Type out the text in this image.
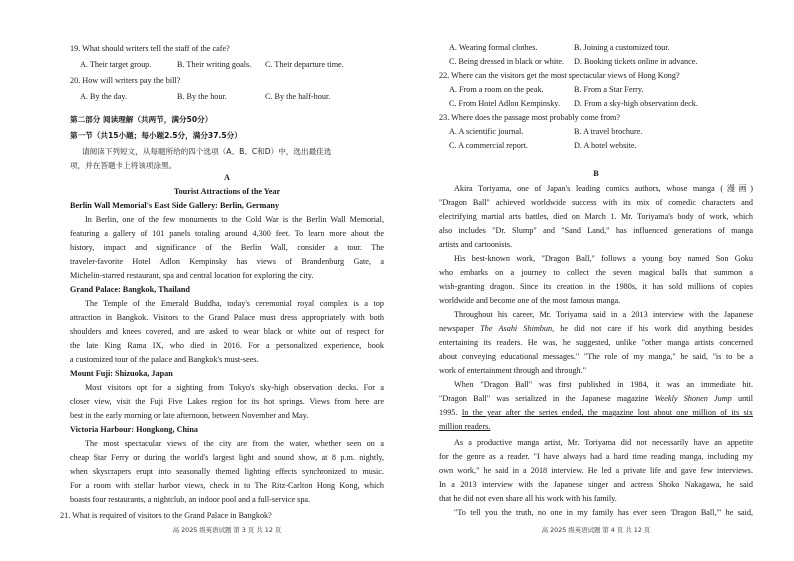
19. What should writers tell the staff of the cafe?
A. Their target group.	B. Their writing goals. C. Their departure time.
20. How will writers pay the bill?
A. By the day.	B. By the hour.	C. By the half-hour.
第二部分 阅读理解（共两节，满分50分）
第一节（共15小题；每小题2.5分，满分37.5分）
请阅读下列短文，从每题所给的四个选项（A、B、C和D）中，选出最佳选
项，并在答题卡上将该项涂黑。
A
Tourist Attractions of the Year
Berlin Wall Memorial's East Side Gallery: Berlin, Germany
In Berlin, one of the few monuments to the Cold War is the Berlin Wall Memorial,
featuring a gallery of 101 panels totaling around 4,300 feet. To learn more about the
history, impact and significance of the Berlin Wall, consider a tour. The
traveler-favorite Hotel Adlon Kempinsky has views of Brandenburg Gate, a
Michelin-starred restaurant, spa and central location for exploring the city.
Grand Palace: Bangkok, Thailand
The Temple of the Emerald Buddha, today's ceremonial royal complex is a top
attraction in Bangkok. Visitors to the Grand Palace must dress appropriately with both
shoulders and knees covered, and are asked to wear black or white out of respect for
the late King Rama IX, who died in 2016. For a personalized experience, book
a customized tour of the palace and Bangkok's must-sees.
Mount Fuji: Shizuoka, Japan
Most visitors opt for a sighting from Tokyo's sky-high observation decks. For a
closer view, visit the Fuji Five Lakes region for its hot springs. Views from here are
best in the early morning or late afternoon, between November and May.
Victoria Harbour: Hongkong, China
The most spectacular views of the city are from the water, whether seen on a
cheap Star Ferry or during the world's largest light and sound show, at 8 p.m. nightly,
when skyscrapers erupt into seasonally themed lighting effects synchronized to music.
For a room with stellar harbor views, check in to The Ritz-Carlton Hong Kong, which
boasts four restaurants, a nightclub, an indoor pool and a full-service spa.
21. What is required of visitors to the Grand Palace in Bangkok?
高 2025 级英语试题 第 3 页 共 12 页
A. Wearing formal clothes.	B. Joining a customized tour.
C. Being dressed in black or white. D. Booking tickets online in advance.
22. Where can the visitors get the most spectacular views of Hong Kong?
A. From a room on the peak.	B. From a Star Ferry.
C. From Hotel Adlon Kempinsky. D. From a sky-high observation deck.
23. Where does the passage most probably come from?
A. A scientific journal.	B. A travel brochure.
C. A commercial report.	D. A hotel website.
B
Akira Toriyama, one of Japan's leading comics authors, whose manga (漫画)
"Dragon Ball" achieved worldwide success with its mix of comedic characters and
electrifying martial arts battles, died on March 1. Mr. Toriyama's body of work, which
also includes "Dr. Slump" and "Sand Land," has influenced generations of manga
artists and cartoonists.
His best-known work, "Dragon Ball," follows a young boy named Son Goku
who embarks on a journey to collect the seven magical balls that summon a
wish-granting dragon. Since its creation in the 1980s, it has sold millions of copies
worldwide and become one of the most famous manga.
Throughout his career, Mr. Toriyama said in a 2013 interview with the Japanese
newspaper The Asahi Shimbun, he did not care if his work did anything besides
entertaining its readers. He was, he suggested, unlike "other manga artists concerned
about conveying educational messages." "The role of my manga," he said, "is to be a
work of entertainment through and through."
When "Dragon Ball" was first published in 1984, it was an immediate hit.
"Dragon Ball" was serialized in the Japanese magazine Weekly Shonen Jump until
1995. In the year after the series ended, the magazine lost about one million of its six
million readers.
As a productive manga artist, Mr. Toriyama did not necessarily have an appetite
for the genre as a reader. "I have always had a hard time reading manga, including my
own work," he said in a 2018 interview. He led a private life and gave few interviews.
In a 2013 interview with the Japanese singer and actress Shoko Nakagawa, he said
that he did not even share all his work with his family.
"To tell you the truth, no one in my family has ever seen 'Dragon Ball,'" he said,
高 2025 级英语试题 第 4 页 共 12 页
